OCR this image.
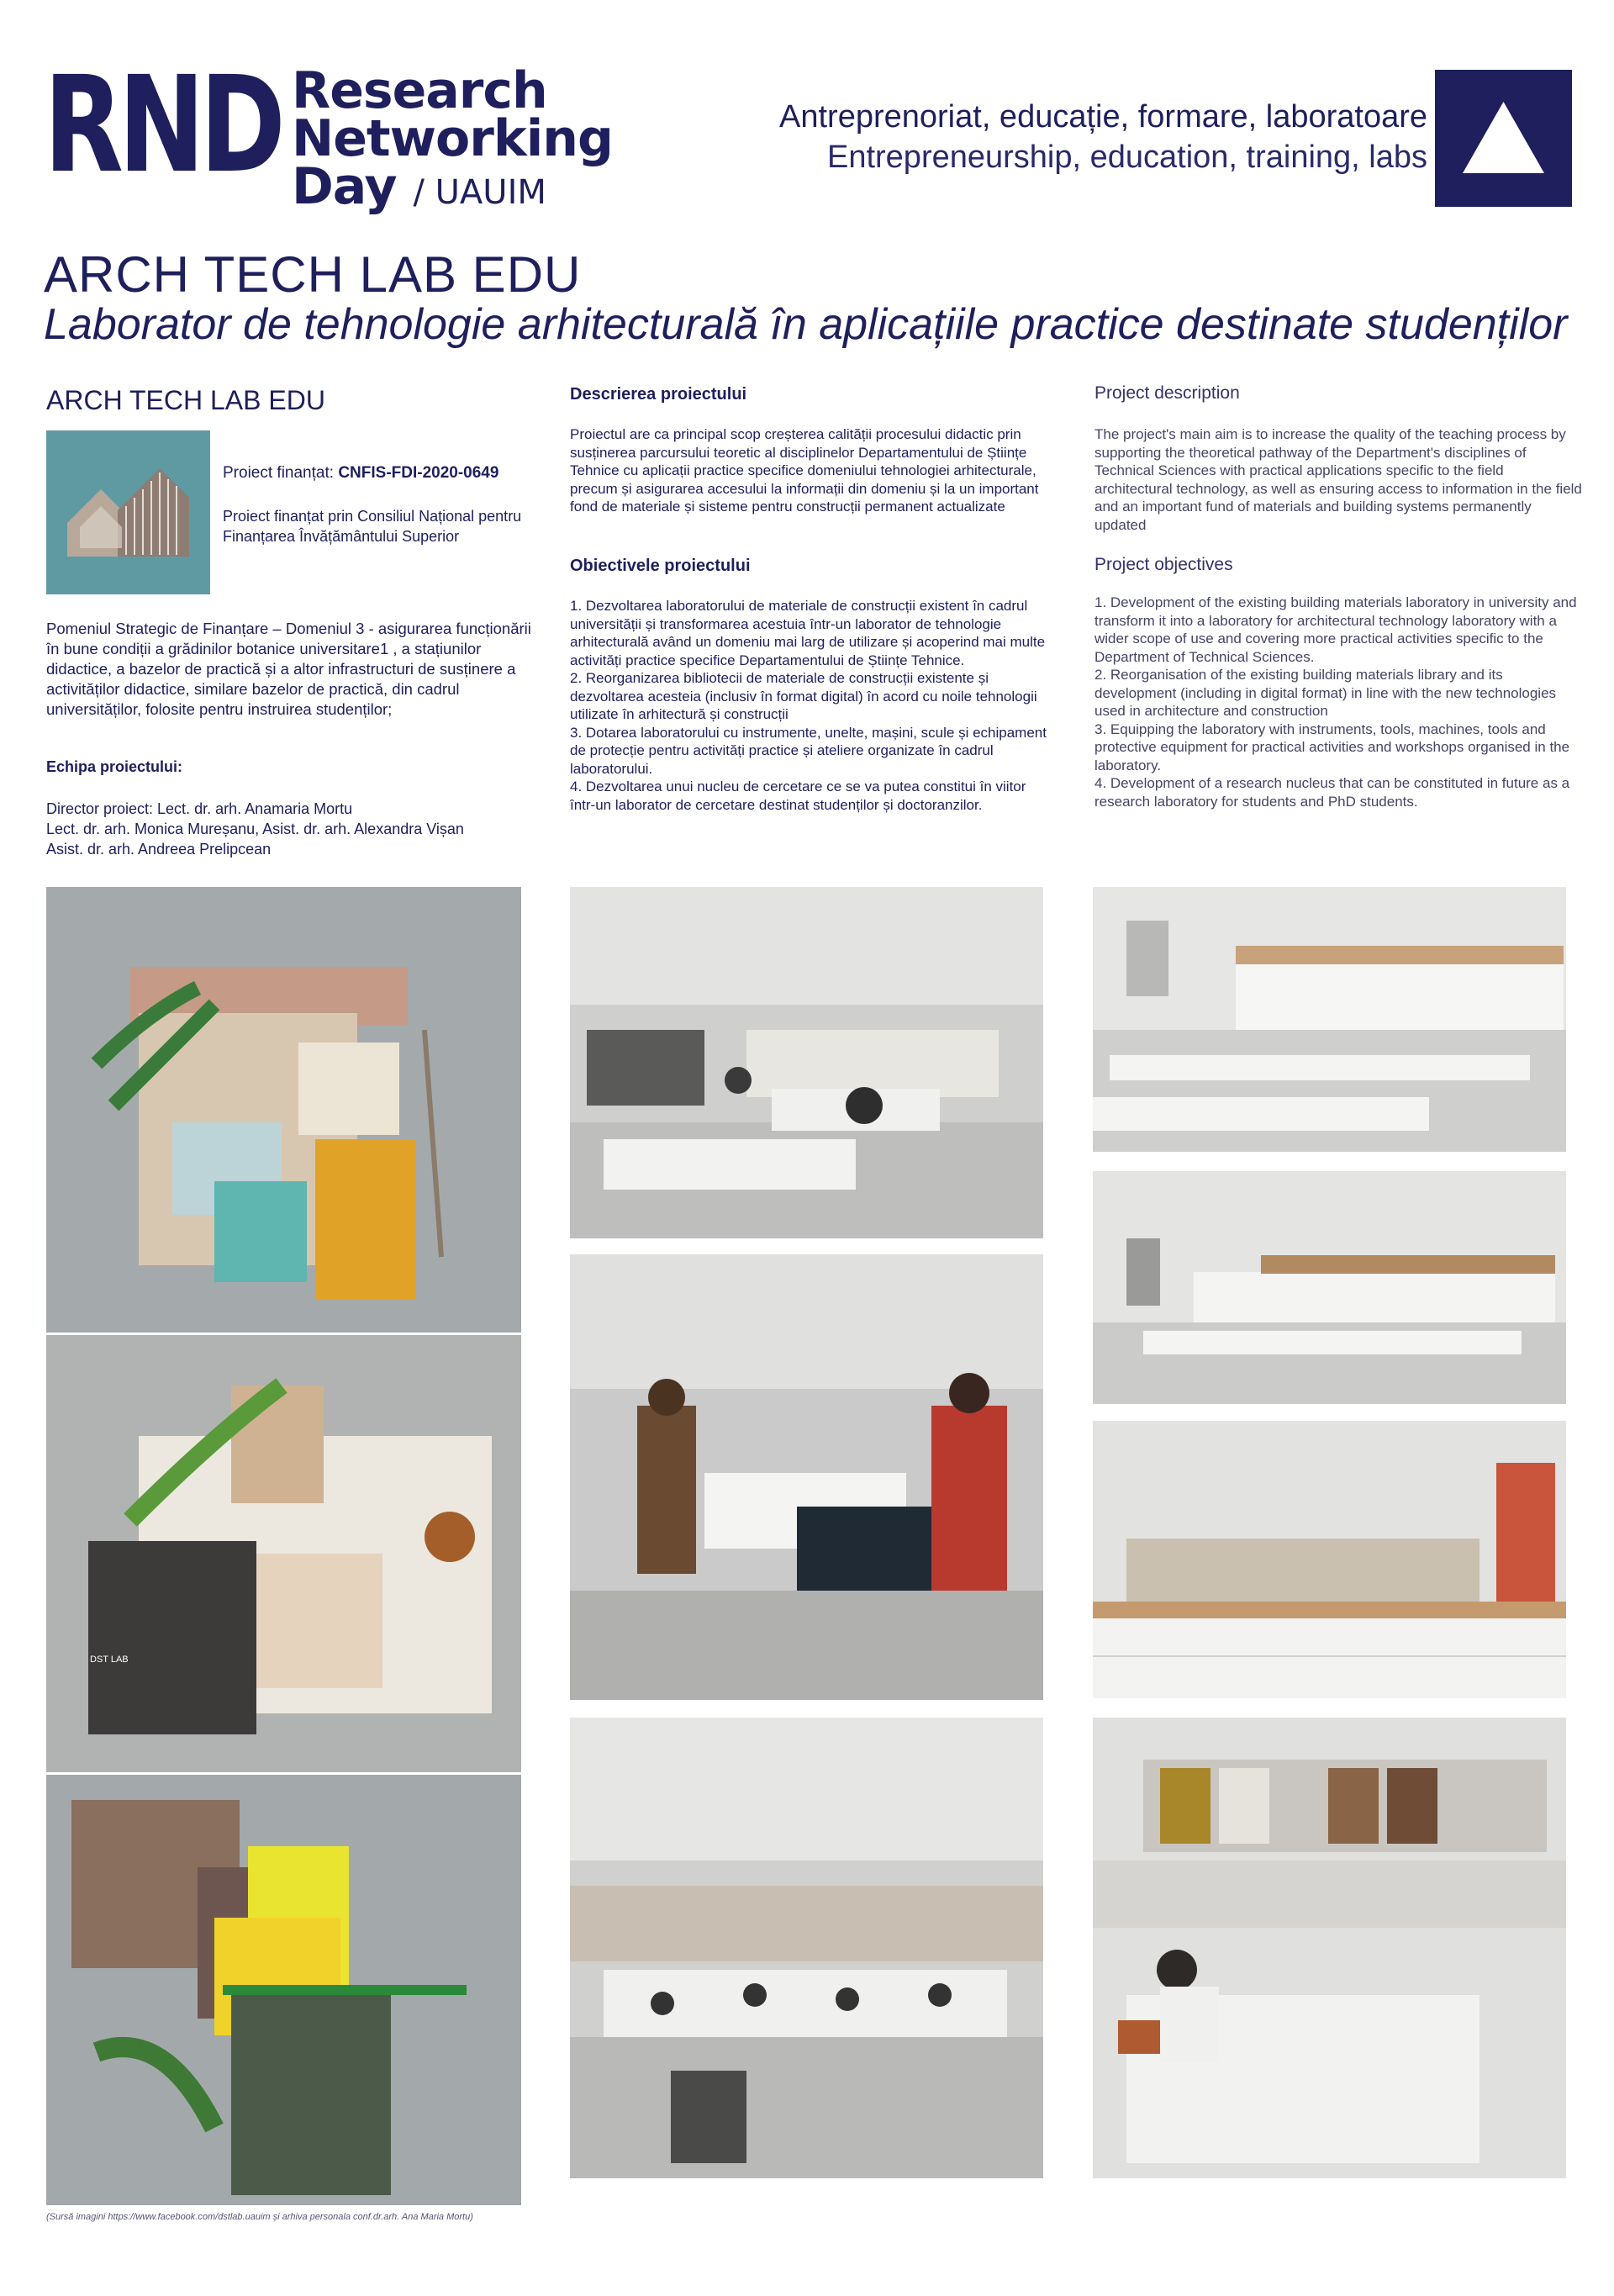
RND Research
Networking
Day / UAUIM
Antreprenoriat, educație, formare, laboratoare
Entrepreneurship, education, training, labs
ARCH TECH LAB EDU
Laborator de tehnologie arhitecturală în aplicațiile practice destinate studenților
ARCH TECH LAB EDU
Proiect finanțat: CNFIS-FDI-2020-0649
Proiect finanțat prin Consiliul Național pentru Finanțarea Învățământului Superior
Pomeniul Strategic de Finanțare – Domeniul 3 - asigurarea funcționării în bune condiții a grădinilor botanice universitare1 , a stațiunilor didactice, a bazelor de practică și a altor infrastructuri de susținere a activităților didactice, similare bazelor de practică, din cadrul universităților, folosite pentru instruirea studenților;
Echipa proiectului:
Director proiect: Lect. dr. arh. Anamaria Mortu
Lect. dr. arh. Monica Mureșanu, Asist. dr. arh. Alexandra Vișan
Asist. dr. arh. Andreea Prelipcean
Descrierea proiectului
Proiectul are ca principal scop creșterea calității procesului didactic prin susținerea parcursului teoretic al disciplinelor Departamentului de Științe Tehnice cu aplicații practice specifice domeniului tehnologiei arhitecturale, precum și asigurarea accesului la informații din domeniu și la un important fond de materiale și sisteme pentru construcții permanent actualizate
Obiectivele proiectului

1. Dezvoltarea laboratorului de materiale de construcții existent în cadrul universității și transformarea acestuia într-un laborator de tehnologie arhitecturală având un domeniu mai larg de utilizare și acoperind mai multe activități practice specifice Departamentului de Științe Tehnice.

2. Reorganizarea bibliotecii de materiale de construcții existente și dezvoltarea acesteia (inclusiv în format digital) în acord cu noile tehnologii utilizate în arhitectură și construcții

3. Dotarea laboratorului cu instrumente, unelte, mașini, scule și echipament de protecție pentru activități practice și ateliere organizate în cadrul laboratorului.

4. Dezvoltarea unui nucleu de cercetare ce se va putea constitui în viitor într-un laborator de cercetare destinat studenților și doctoranzilor.

Project description
The project's main aim is to increase the quality of the teaching process by supporting the theoretical pathway of the Department's disciplines of Technical Sciences with practical applications specific to the field architectural technology, as well as ensuring access to information in the field and an important fund of materials and building systems permanently updated
Project objectives

1. Development of the existing building materials laboratory in university and transform it into a laboratory for architectural technology laboratory with a wider scope of use and covering more practical activities specific to the Department of Technical Sciences.

2. Reorganisation of the existing building materials library and its development (including in digital format) in line with the new technologies used in architecture and construction

3. Equipping the laboratory with instruments, tools, machines, tools and protective equipment for practical activities and workshops organised in the laboratory.

4. Development of a research nucleus that can be constituted in future as a research laboratory for students and PhD students.

DST LAB
(Sursă imagini https://www.facebook.com/dstlab.uauim și arhiva personala conf.dr.arh. Ana Maria Mortu)
